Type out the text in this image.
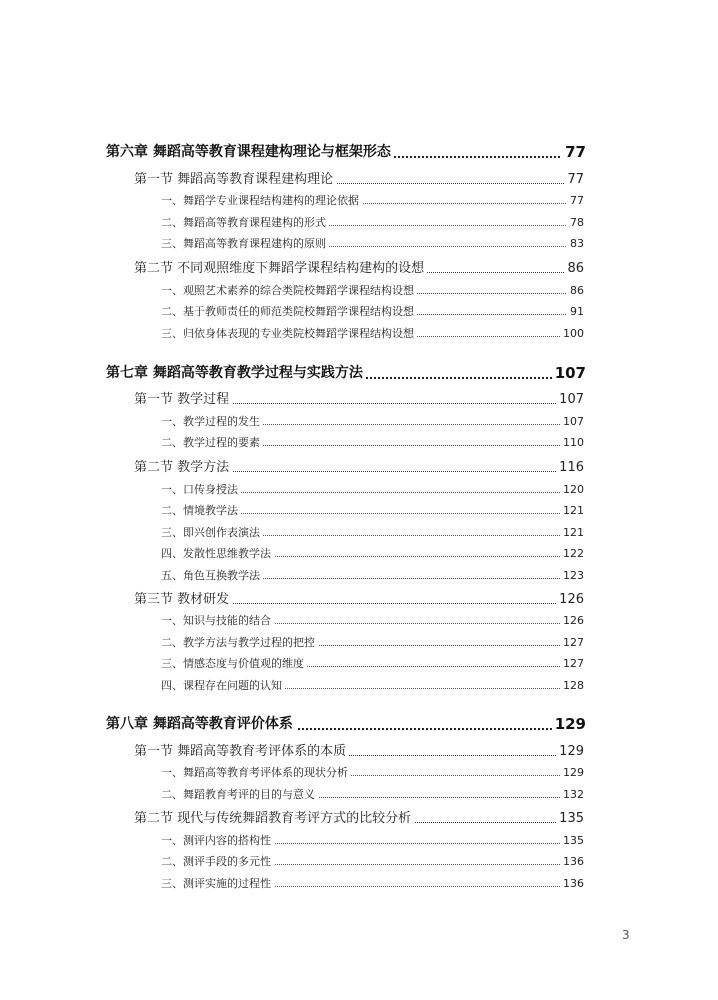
第六章 舞蹈高等教育课程建构理论与框架形态	77
第一节 舞蹈高等教育课程建构理论	77
一、舞蹈学专业课程结构建构的理论依据	77
二、舞蹈高等教育课程建构的形式	78
三、舞蹈高等教育课程建构的原则	83
第二节 不同观照维度下舞蹈学课程结构建构的设想	86
一、观照艺术素养的综合类院校舞蹈学课程结构设想	86
二、基于教师责任的师范类院校舞蹈学课程结构设想	91
三、归依身体表现的专业类院校舞蹈学课程结构设想	100
第七章 舞蹈高等教育教学过程与实践方法	107
第一节 教学过程	107
一、教学过程的发生	107
二、教学过程的要素	110
第二节 教学方法	116
一、口传身授法	120
二、情境教学法	121
三、即兴创作表演法	121
四、发散性思维教学法	122
五、角色互换教学法	123
第三节 教材研发	126
一、知识与技能的结合	126
二、教学方法与教学过程的把控	127
三、情感态度与价值观的维度	127
四、课程存在问题的认知	128
第八章 舞蹈高等教育评价体系	129
第一节 舞蹈高等教育考评体系的本质	129
一、舞蹈高等教育考评体系的现状分析	129
二、舞蹈教育考评的目的与意义	132
第二节 现代与传统舞蹈教育考评方式的比较分析	135
一、测评内容的搭构性	135
二、测评手段的多元性	136
三、测评实施的过程性	136
3
